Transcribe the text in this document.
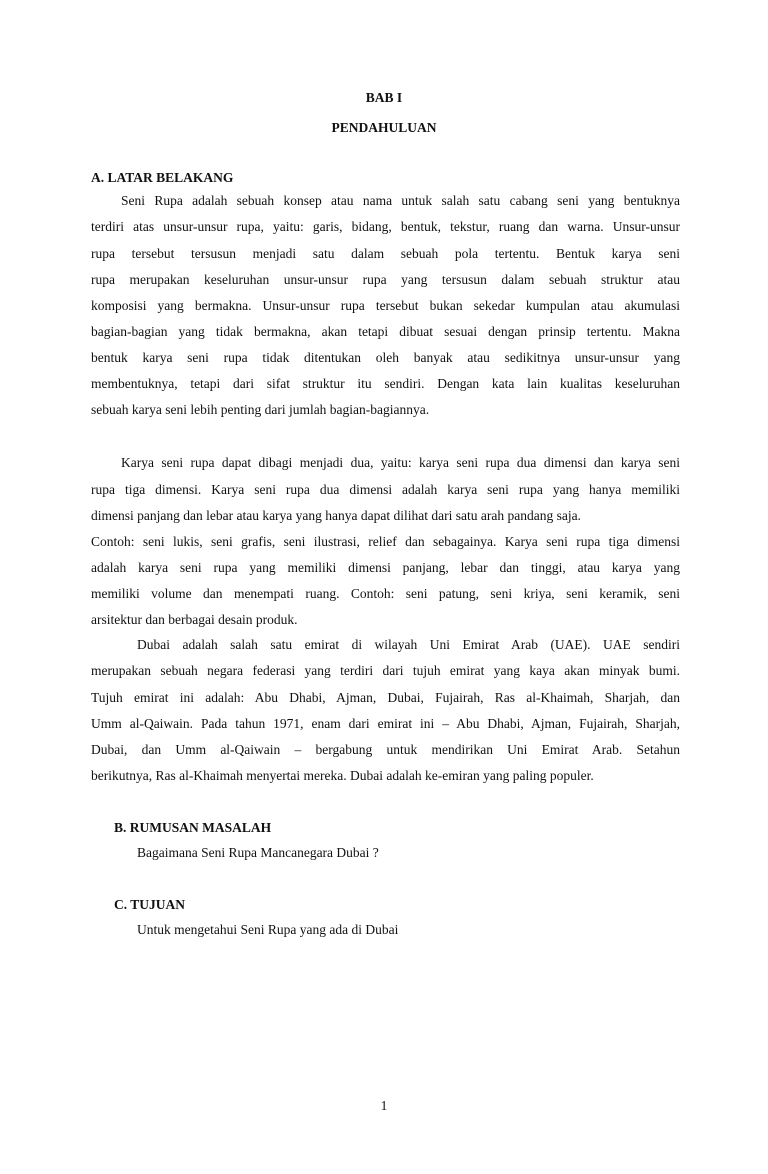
BAB I
PENDAHULUAN
A. LATAR BELAKANG
Seni Rupa adalah sebuah konsep atau nama untuk salah satu cabang seni yang bentuknya
terdiri atas unsur-unsur rupa, yaitu: garis, bidang, bentuk, tekstur, ruang dan warna. Unsur-unsur
rupa tersebut tersusun menjadi satu dalam sebuah pola tertentu. Bentuk karya seni
rupa merupakan keseluruhan unsur-unsur rupa yang tersusun dalam sebuah struktur atau
komposisi yang bermakna. Unsur-unsur rupa tersebut bukan sekedar kumpulan atau akumulasi
bagian-bagian yang tidak bermakna, akan tetapi dibuat sesuai dengan prinsip tertentu. Makna
bentuk karya seni rupa tidak ditentukan oleh banyak atau sedikitnya unsur-unsur yang
membentuknya, tetapi dari sifat struktur itu sendiri. Dengan kata lain kualitas keseluruhan
sebuah karya seni lebih penting dari jumlah bagian-bagiannya.
Karya seni rupa dapat dibagi menjadi dua, yaitu: karya seni rupa dua dimensi dan karya seni
rupa tiga dimensi. Karya seni rupa dua dimensi adalah karya seni rupa yang hanya memiliki
dimensi panjang dan lebar atau karya yang hanya dapat dilihat dari satu arah pandang saja.
Contoh: seni lukis, seni grafis, seni ilustrasi, relief dan sebagainya. Karya seni rupa tiga dimensi
adalah karya seni rupa yang memiliki dimensi panjang, lebar dan tinggi, atau karya yang
memiliki volume dan menempati ruang. Contoh: seni patung, seni kriya, seni keramik, seni
arsitektur dan berbagai desain produk.
Dubai adalah salah satu emirat di wilayah Uni Emirat Arab (UAE). UAE sendiri
merupakan sebuah negara federasi yang terdiri dari tujuh emirat yang kaya akan minyak bumi.
Tujuh emirat ini adalah: Abu Dhabi, Ajman, Dubai, Fujairah, Ras al-Khaimah, Sharjah, dan
Umm al-Qaiwain. Pada tahun 1971, enam dari emirat ini – Abu Dhabi, Ajman, Fujairah, Sharjah,
Dubai, dan Umm al-Qaiwain – bergabung untuk mendirikan Uni Emirat Arab. Setahun
berikutnya, Ras al-Khaimah menyertai mereka. Dubai adalah ke-emiran yang paling populer.
B. RUMUSAN MASALAH
Bagaimana Seni Rupa Mancanegara Dubai ?
C. TUJUAN
Untuk mengetahui Seni Rupa yang ada di Dubai
1
